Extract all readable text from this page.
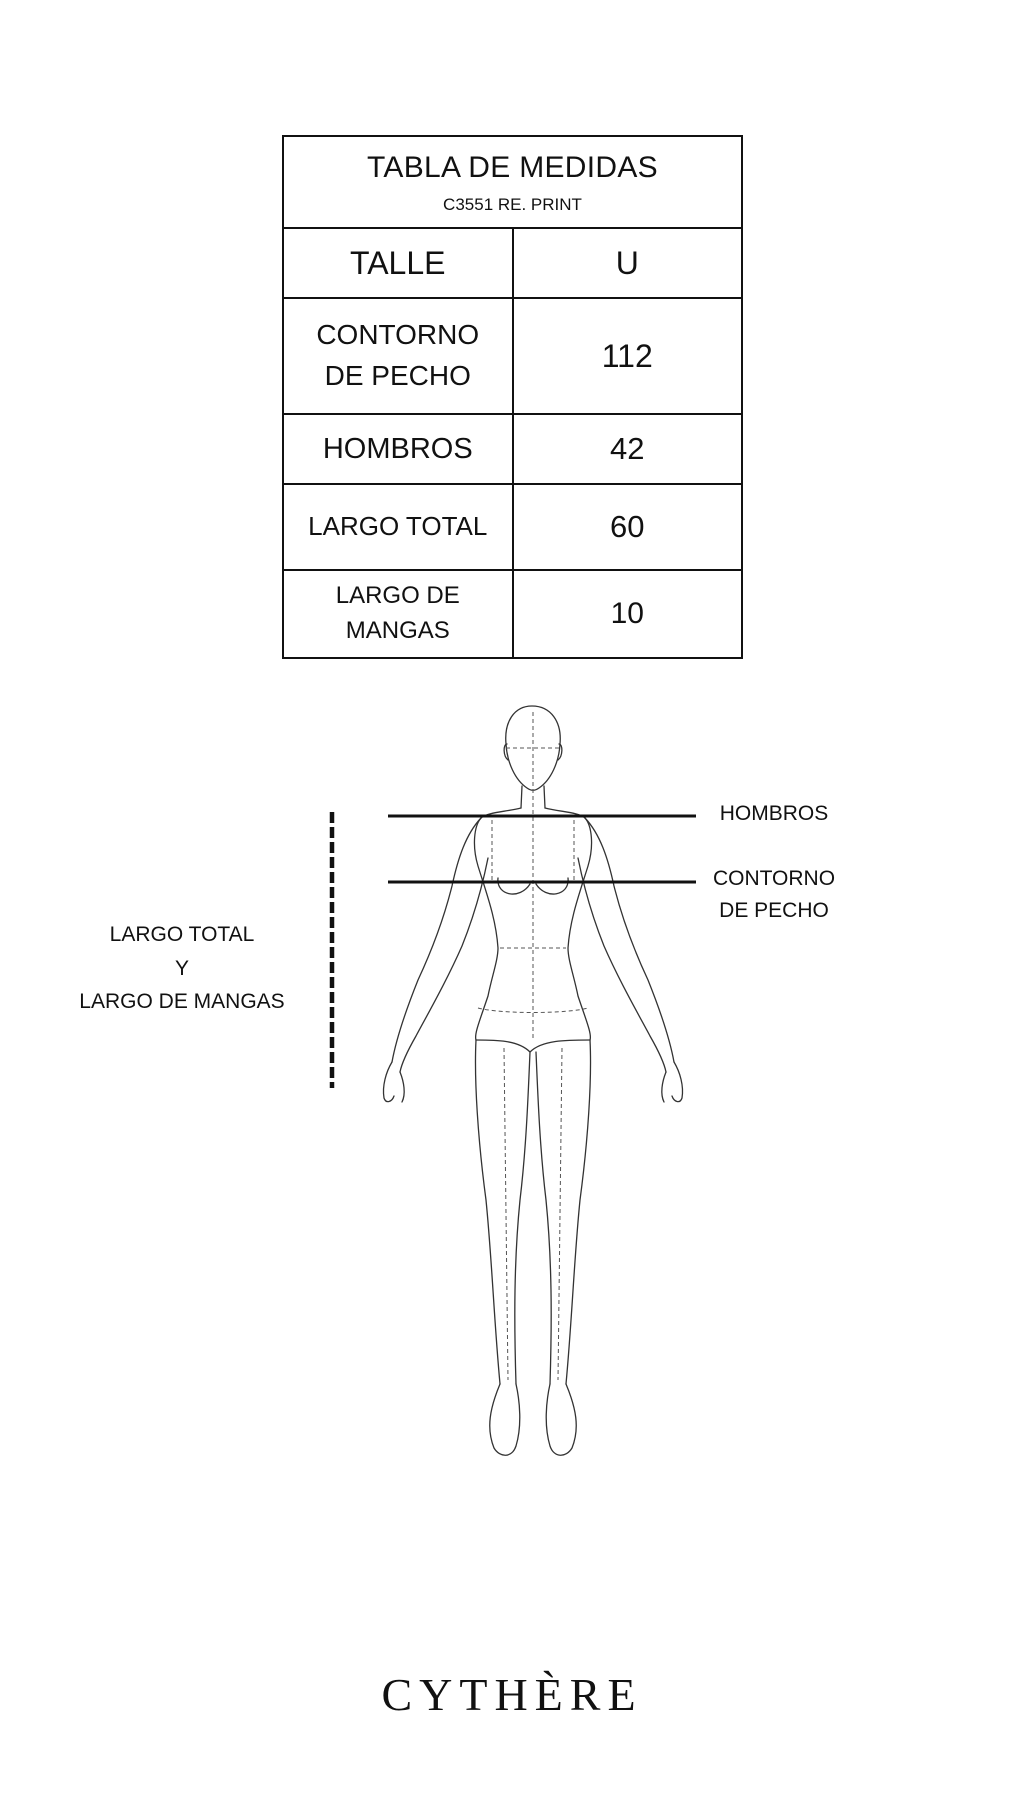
TABLA DE MEDIDAS
C3551 RE. PRINT	

TALLE	U

CONTORNO
DE PECHO	112
HOMBROS	42
LARGO TOTAL	60

LARGO DE
MANGAS	10
LARGO TOTAL
Y
LARGO DE MANGAS
HOMBROS
CONTORNO
DE PECHO
CYTHÈRE
